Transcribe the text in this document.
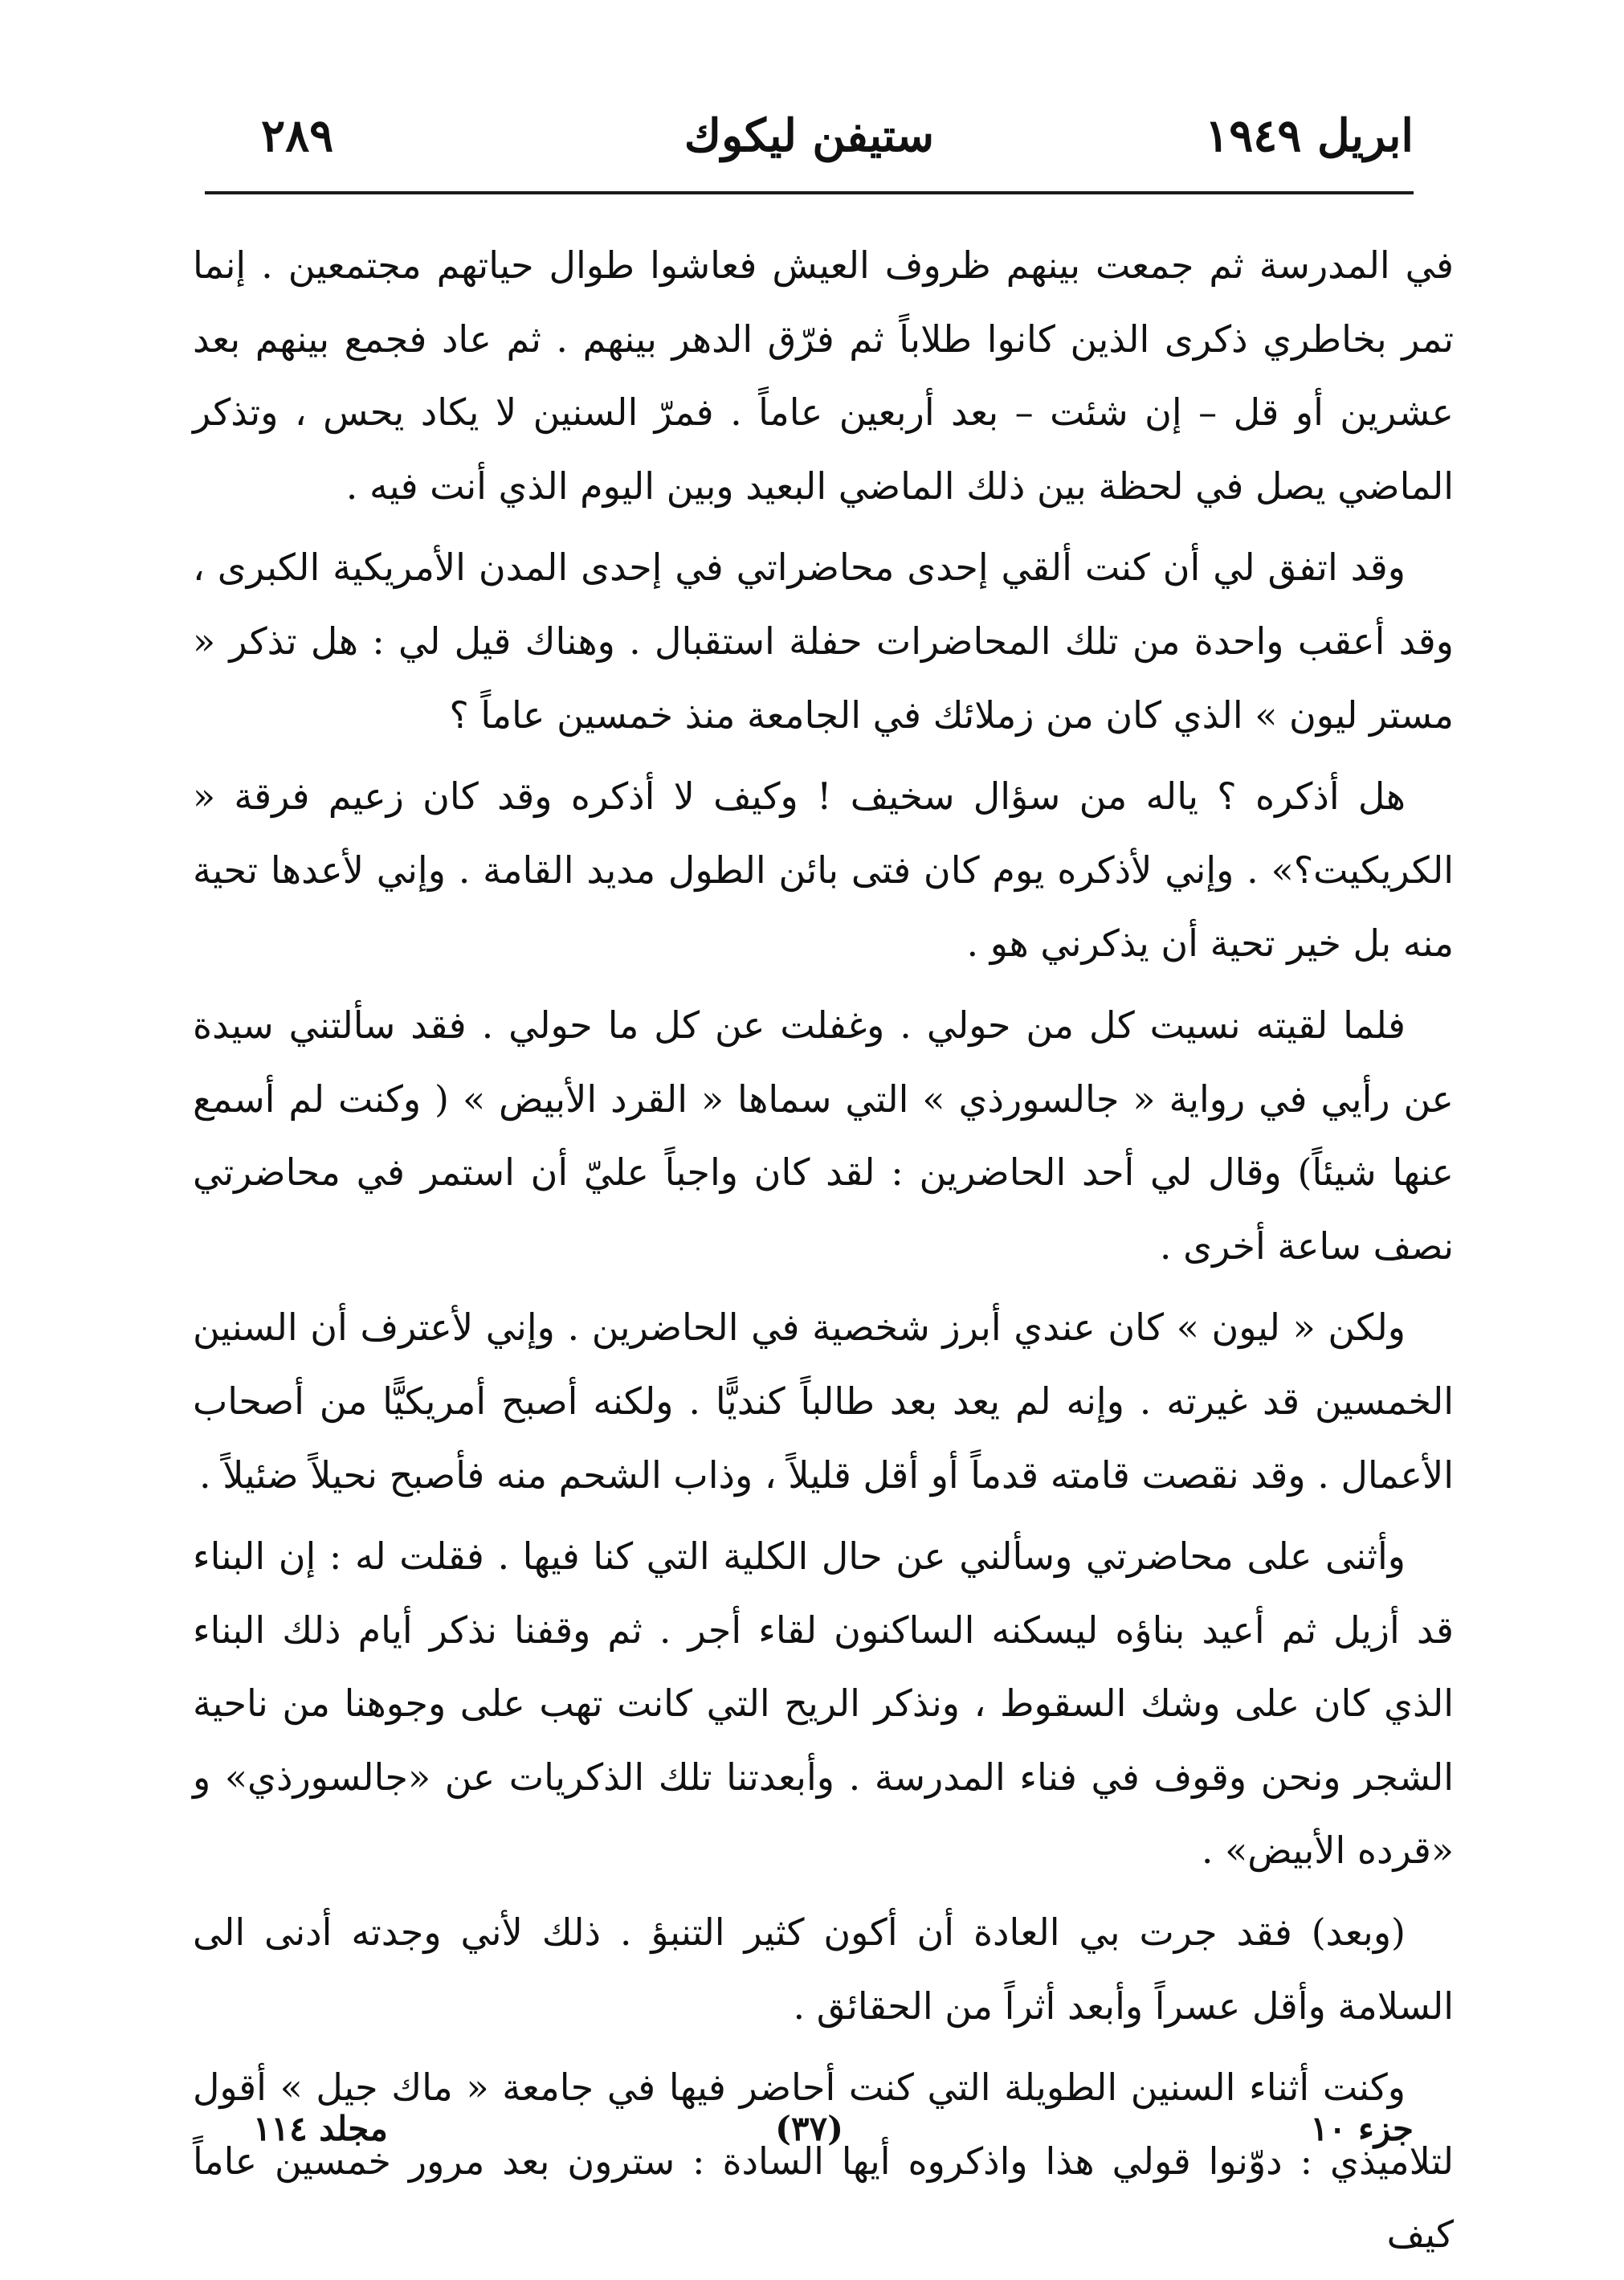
ابريل ١٩٤٩
ستيفن ليكوك
٢٨٩

في المدرسة ثم جمعت بينهم ظروف العيش فعاشوا طوال حياتهم مجتمعين . إنما تمر بخاطري ذكرى الذين كانوا طلاباً ثم فرّق الدهر بينهم . ثم عاد فجمع بينهم بعد عشرين أو قل – إن شئت – بعد أربعين عاماً . فمرّ السنين لا يكاد يحس ، وتذكر الماضي يصل في لحظة بين ذلك الماضي البعيد وبين اليوم الذي أنت فيه .

وقد اتفق لي أن كنت ألقي إحدى محاضراتي في إحدى المدن الأمريكية الكبرى ، وقد أعقب واحدة من تلك المحاضرات حفلة استقبال . وهناك قيل لي : هل تذكر « مستر ليون » الذي كان من زملائك في الجامعة منذ خمسين عاماً ؟

هل أذكره ؟ ياله من سؤال سخيف ! وكيف لا أذكره وقد كان زعيم فرقة « الكريكيت؟» . وإني لأذكره يوم كان فتى بائن الطول مديد القامة . وإني لأعدها تحية منه بل خير تحية أن يذكرني هو .

فلما لقيته نسيت كل من حولي . وغفلت عن كل ما حولي . فقد سألتني سيدة عن رأيي في رواية « جالسورذي » التي سماها « القرد الأبيض » ( وكنت لم أسمع عنها شيئاً) وقال لي أحد الحاضرين : لقد كان واجباً عليّ أن استمر في محاضرتي نصف ساعة أخرى .

ولكن « ليون » كان عندي أبرز شخصية في الحاضرين . وإني لأعترف أن السنين الخمسين قد غيرته . وإنه لم يعد بعد طالباً كنديًّا . ولكنه أصبح أمريكيًّا من أصحاب الأعمال . وقد نقصت قامته قدماً أو أقل قليلاً ، وذاب الشحم منه فأصبح نحيلاً ضئيلاً .

وأثنى على محاضرتي وسألني عن حال الكلية التي كنا فيها . فقلت له : إن البناء قد أزيل ثم أعيد بناؤه ليسكنه الساكنون لقاء أجر . ثم وقفنا نذكر أيام ذلك البناء الذي كان على وشك السقوط ، ونذكر الريح التي كانت تهب على وجوهنا من ناحية الشجر ونحن وقوف في فناء المدرسة . وأبعدتنا تلك الذكريات عن «جالسورذي» و «قرده الأبيض» .

(وبعد) فقد جرت بي العادة أن أكون كثير التنبؤ . ذلك لأني وجدته أدنى الى السلامة وأقل عسراً وأبعد أثراً من الحقائق .

وكنت أثناء السنين الطويلة التي كنت أحاضر فيها في جامعة « ماك جيل » أقول لتلاميذي : دوّنوا قولي هذا واذكروه أيها السادة : سترون بعد مرور خمسين عاماً كيف

جزء ١٠
(٣٧)
مجلد ١١٤
